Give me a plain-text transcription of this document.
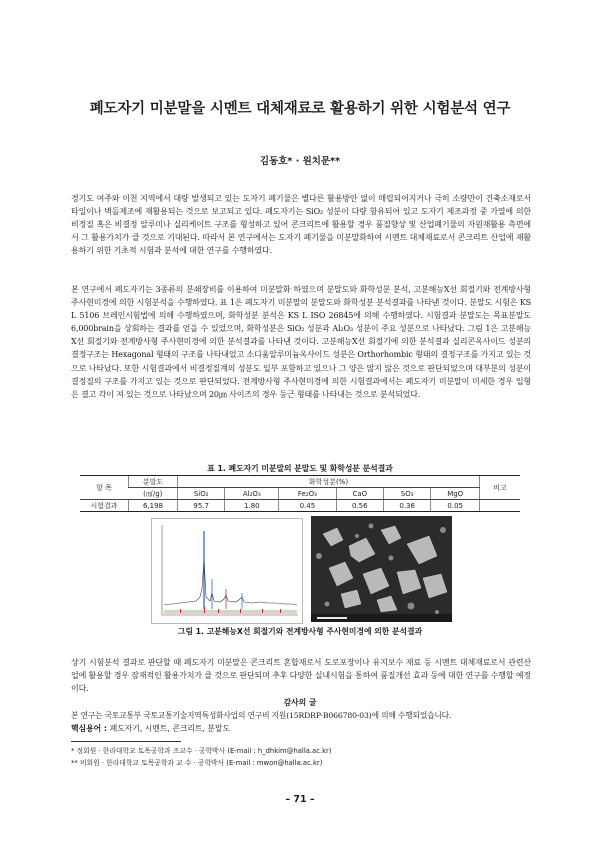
폐도자기 미분말을 시멘트 대체재료로 활용하기 위한 시험분석 연구
김동호* · 원치문**

경기도 여주와 이천 지역에서 대량 발생되고 있는 도자기 폐기물은 별다른 활용방안 없이 매립되어지거나 극히 소량만이 건축소재로서 타일이나 벽돌제조에 재활용되는 것으로 보고되고 있다. 폐도자기는 SiO₂ 성분이 다량 함유되어 있고 도자기 제조과정 중 가열에 의한 비정질 혹은 비결정 알루미나 실리케이트 구조를 형성하고 있어 콘크리트에 활용할 경우 품질향상 및 산업폐기물의 자원재활용 측면에서 그 활용가치가 클 것으로 기대된다. 따라서 본 연구에서는 도자기 폐기물을 미분말화하여 시멘트 대체재료로서 콘크리트 산업에 재활용하기 위한 기초적 시험과 분석에 대한 연구를 수행하였다.

본 연구에서 폐도자기는 3종류의 분쇄장비를 이용하여 미분말화 하였으며 분말도와 화학성분 분석, 고분해능X선 회절기와 전계방사형 주사현미경에 의한 시험분석을 수행하였다. 표 1은 폐도자기 미분말의 분말도와 화학성분 분석결과를 나타낸 것이다. 분말도 시험은 KS L 5106 브레인시험법에 의해 수행하였으며, 화학성분 분석은 KS L ISO 26845에 의해 수행하였다. 시험결과 분말도는 목표분말도 6,000brain을 상회하는 결과를 얻을 수 있었으며, 화학성분은 SiO₂ 성분과 Al₂O₃ 성분이 주요 성분으로 나타났다. 그림 1은 고분해능 X선 회절기와 전계방사형 주사현미경에 의한 분석결과를 나타낸 것이다. 고분해능X선 회절기에 의한 분석결과 실리콘옥사이드 성분의 결정구조는 Hexagonal 형태의 구조를 나타내었고 소디움알루미늄옥사이드 성분은 Orthorhombic 형태의 결정구조를 가지고 있는 것으로 나타났다. 또한 시험결과에서 비결정질계의 성분도 일부 포함하고 있으나 그 양은 많지 않은 것으로 판단되었으며 대부분의 성분이 결정질의 구조를 가지고 있는 것으로 판단되었다. 전계방사형 주사현미경에 의한 시험결과에서는 폐도자기 미분말이 미세한 경우 입형은 결고 각이 져 있는 것으로 나타났으며 20㎛ 사이즈의 경우 등근 형태를 나타내는 것으로 분석되었다.

표 1. 폐도자기 미분말의 분말도 및 화학성분 분석결과
항 목	분말도	화학성분(%)						비고
	(㎠/g)	SiO₂	Al₂O₃	Fe₂O₃	CaO	SO₃	MgO	
시험결과	6,198	95.7	1.80	0.45	0.56	0.36	0.05	
그림 1. 고분해능X선 회절기와 전계방사형 주사현미경에 의한 분석결과

상기 시험분석 결과로 판단할 때 폐도자기 미분말은 콘크리트 혼합재로서 도로포장이나 유지보수 재료 등 시멘트 대체재료로서 관련산업에 활용할 경우 잠재적인 활용가치가 클 것으로 판단되며 추후 다양한 실내시험을 통하여 품질개선 효과 등에 대한 연구를 수행할 예정이다.

감사의 글

본 연구는 국토교통부 국토교통기술지역특성화사업의 연구비 지원(15RDRP-B066780-03)에 의해 수행되었습니다.

핵심용어 : 폐도자기, 시멘트, 콘크리트, 분말도
* 정회원 · 한라대학교 토목공학과 조교수 · 공학박사 (E-mail : h_dhkim@halla.ac.kr)
** 비회원 · 한라대학교 토목공학과 교 수 · 공학박사 (E-mail : mwon@halla.ac.kr)
– 71 –
